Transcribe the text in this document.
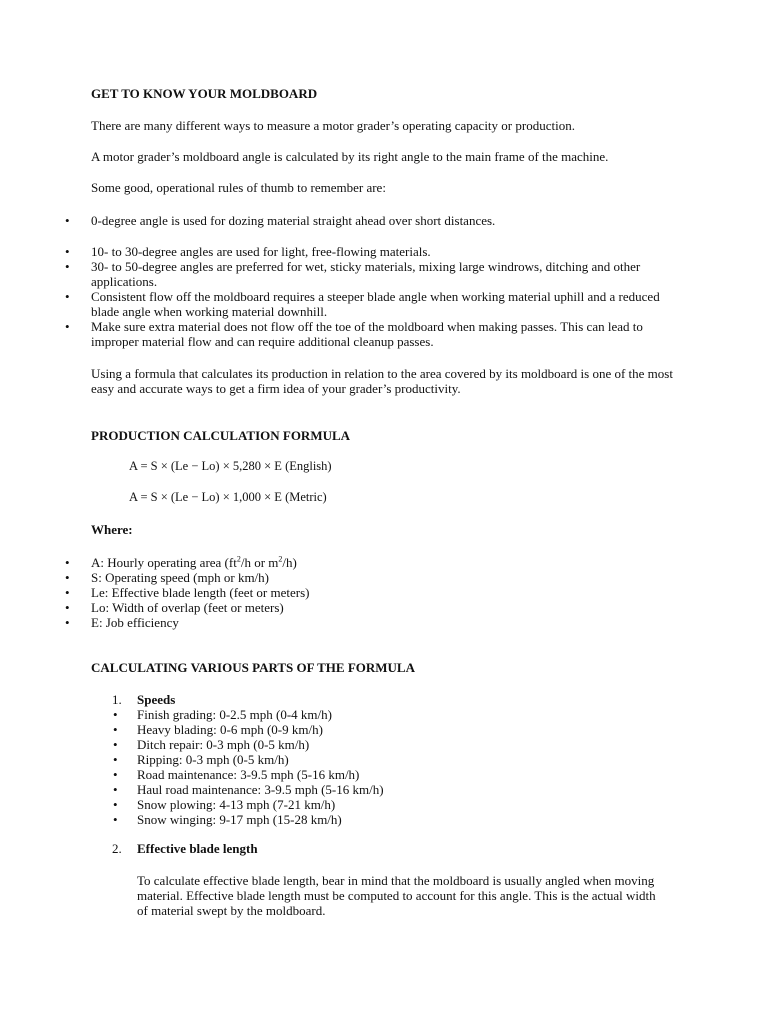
GET TO KNOW YOUR MOLDBOARD

There are many different ways to measure a motor grader’s operating capacity or production.

A motor grader’s moldboard angle is calculated by its right angle to the main frame of the machine.

Some good, operational rules of thumb to remember are:

• 0-degree angle is used for dozing material straight ahead over short distances.
• 10- to 30-degree angles are used for light, free-flowing materials.
• 30- to 50-degree angles are preferred for wet, sticky materials, mixing large windrows, ditching and other applications.
• Consistent flow off the moldboard requires a steeper blade angle when working material uphill and a reduced blade angle when working material downhill.
• Make sure extra material does not flow off the toe of the moldboard when making passes. This can lead to improper material flow and can require additional cleanup passes.

Using a formula that calculates its production in relation to the area covered by its moldboard is one of the most easy and accurate ways to get a firm idea of your grader’s productivity.

PRODUCTION CALCULATION FORMULA

A = S × (Le − Lo) × 5,280 × E (English)

A = S × (Le − Lo) × 1,000 × E (Metric)

Where:

• A: Hourly operating area ($ft^2/h$ or $m^2/h$)
• S: Operating speed (mph or km/h)
• Le: Effective blade length (feet or meters)
• Lo: Width of overlap (feet or meters)
• E: Job efficiency

CALCULATING VARIOUS PARTS OF THE FORMULA

1. Speeds

• Finish grading: 0-2.5 mph (0-4 km/h)
• Heavy blading: 0-6 mph (0-9 km/h)
• Ditch repair: 0-3 mph (0-5 km/h)
• Ripping: 0-3 mph (0-5 km/h)
• Road maintenance: 3-9.5 mph (5-16 km/h)
• Haul road maintenance: 3-9.5 mph (5-16 km/h)
• Snow plowing: 4-13 mph (7-21 km/h)
• Snow winging: 9-17 mph (15-28 km/h)

2. Effective blade length

To calculate effective blade length, bear in mind that the moldboard is usually angled when moving material. Effective blade length must be computed to account for this angle. This is the actual width of material swept by the moldboard.
